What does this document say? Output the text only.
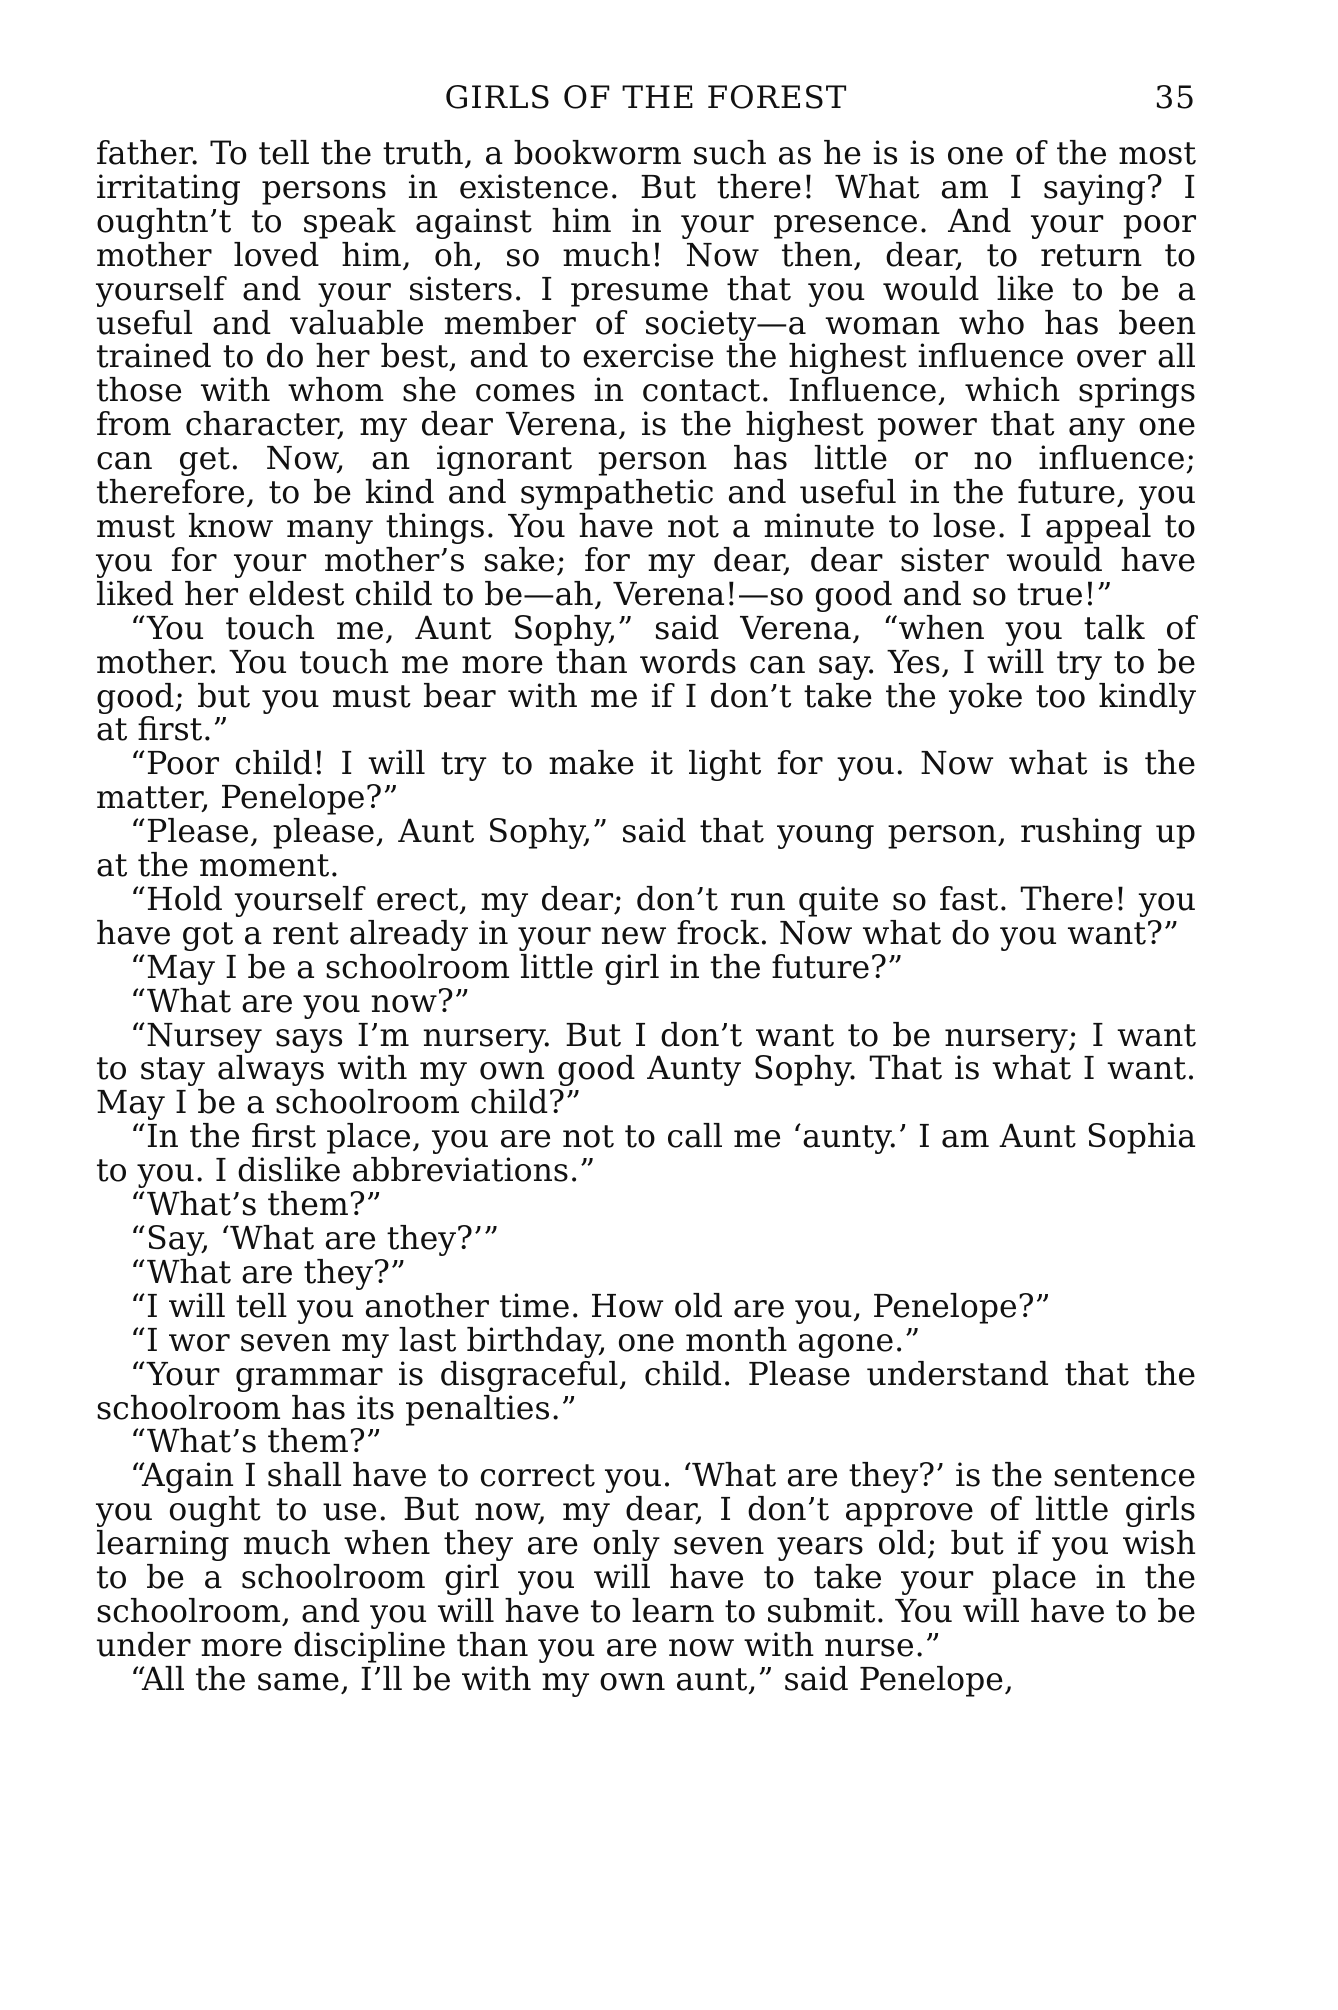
GIRLS OF THE FOREST	35

father. To tell the truth, a bookworm such as he is is one of the most irritating persons in existence. But there! What am I saying? I oughtn’t to speak against him in your presence. And your poor mother loved him, oh, so much! Now then, dear, to return to yourself and your sisters. I presume that you would like to be a useful and valuable member of society—a woman who has been trained to do her best, and to exercise the highest influence over all those with whom she comes in contact. Influence, which springs from character, my dear Verena, is the highest power that any one can get. Now, an ignorant person has little or no influence; therefore, to be kind and sympathetic and useful in the future, you must know many things. You have not a minute to lose. I appeal to you for your mother’s sake; for my dear, dear sister would have liked her eldest child to be—ah, Verena!—so good and so true!”

“You touch me, Aunt Sophy,” said Verena, “when you talk of mother. You touch me more than words can say. Yes, I will try to be good; but you must bear with me if I don’t take the yoke too kindly at first.”

“Poor child! I will try to make it light for you. Now what is the matter, Penelope?”

“Please, please, Aunt Sophy,” said that young person, rushing up at the moment.

“Hold yourself erect, my dear; don’t run quite so fast. There! you have got a rent already in your new frock. Now what do you want?”

“May I be a schoolroom little girl in the future?”

“What are you now?”

“Nursey says I’m nursery. But I don’t want to be nursery; I want to stay always with my own good Aunty Sophy. That is what I want. May I be a schoolroom child?”

“In the first place, you are not to call me ‘aunty.’ I am Aunt Sophia to you. I dislike abbreviations.”

“What’s them?”

“Say, ‘What are they?’”

“What are they?”

“I will tell you another time. How old are you, Penelope?”

“I wor seven my last birthday, one month agone.”

“Your grammar is disgraceful, child. Please understand that the schoolroom has its penalties.”

“What’s them?”

“Again I shall have to correct you. ‘What are they?’ is the sentence you ought to use. But now, my dear, I don’t approve of little girls learning much when they are only seven years old; but if you wish to be a schoolroom girl you will have to take your place in the schoolroom, and you will have to learn to submit. You will have to be under more discipline than you are now with nurse.”

“All the same, I’ll be with my own aunt,” said Penelope,
